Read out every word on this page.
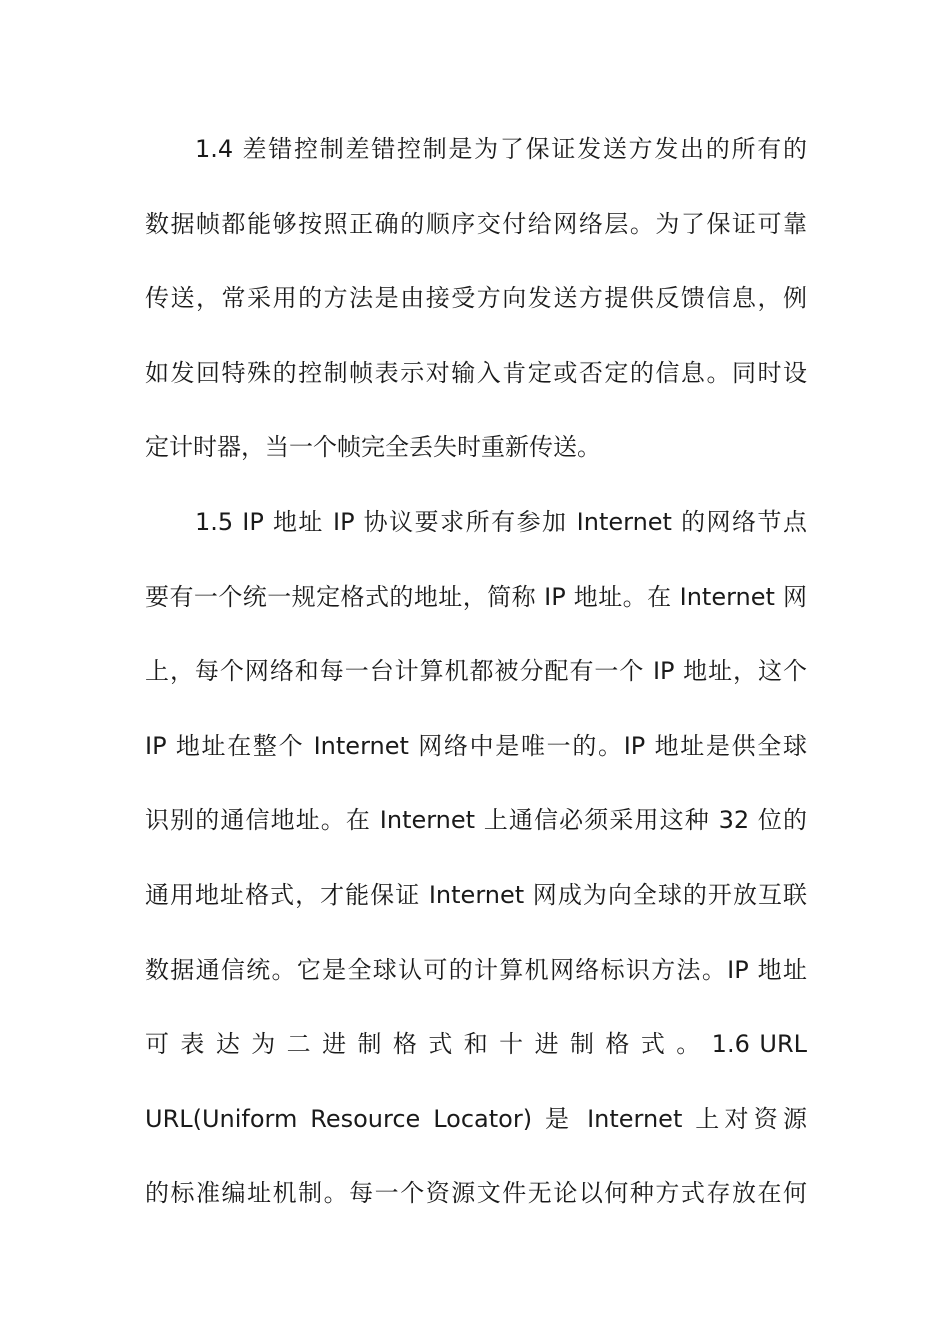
1.4 差错控制差错控制是为了保证发送方发出的所有的
数据帧都能够按照正确的顺序交付给网络层。为了保证可靠
传送，常采用的方法是由接受方向发送方提供反馈信息，例
如发回特殊的控制帧表示对输入肯定或否定的信息。同时设
定计时器，当一个帧完全丢失时重新传送。

1.5 IP 地址 IP 协议要求所有参加 Internet 的网络节点
要有一个统一规定格式的地址，简称 IP 地址。在 Internet 网
上，每个网络和每一台计算机都被分配有一个 IP 地址，这个
IP 地址在整个 Internet 网络中是唯一的。IP 地址是供全球
识别的通信地址。在 Internet 上通信必须采用这种 32 位的
通用地址格式，才能保证 Internet 网成为向全球的开放互联
数据通信统。它是全球认可的计算机网络标识方法。IP 地址
可 表 达 为 二 进 制 格 式 和 十 进 制 格 式 。 1.6 URL
URL(Uniform Resource Locator) 是 Internet 上对资源
的标准编址机制。每一个资源文件无论以何种方式存放在何
